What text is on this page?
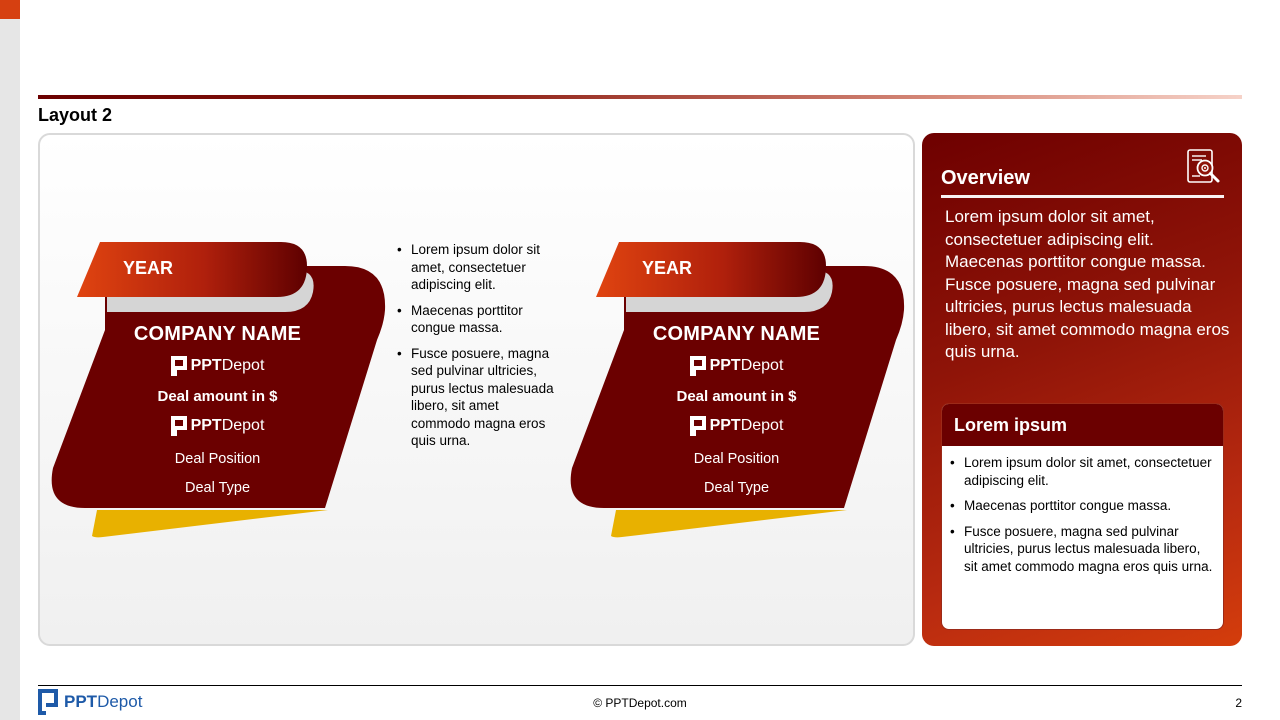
Layout 2
YEAR
COMPANY NAME
PPTDepot
Deal amount in $
PPTDepot
Deal Position
Deal Type
• Lorem ipsum dolor sit amet, consectetuer adipiscing elit.
• Maecenas porttitor congue massa.
• Fusce posuere, magna sed pulvinar ultricies, purus lectus malesuada libero, sit amet commodo magna eros quis urna.
YEAR
COMPANY NAME
PPTDepot
Deal amount in $
PPTDepot
Deal Position
Deal Type
Overview
Lorem ipsum dolor sit amet, consectetuer adipiscing elit. Maecenas porttitor congue massa. Fusce posuere, magna sed pulvinar ultricies, purus lectus malesuada libero, sit amet commodo magna eros quis urna.
Lorem ipsum
• Lorem ipsum dolor sit amet, consectetuer adipiscing elit.
• Maecenas porttitor congue massa.
• Fusce posuere, magna sed pulvinar ultricies, purus lectus malesuada libero, sit amet commodo magna eros quis urna.
PPTDepot	© PPTDepot.com	2
